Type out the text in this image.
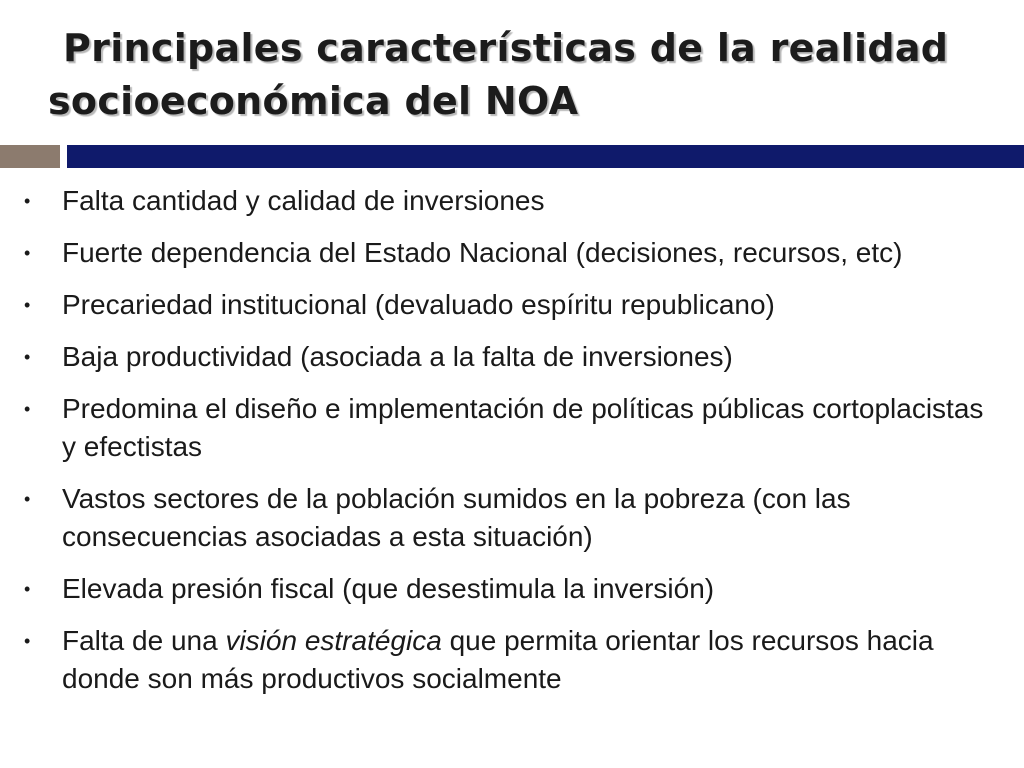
Principales características de la realidad
socioeconómica del NOA
• Falta cantidad y calidad de inversiones
• Fuerte dependencia del Estado Nacional (decisiones, recursos, etc)
• Precariedad institucional (devaluado espíritu republicano)
• Baja productividad (asociada a la falta de inversiones)
• Predomina el diseño e implementación de políticas públicas cortoplacistas y efectistas
• Vastos sectores de la población sumidos en la pobreza (con las consecuencias asociadas a esta situación)
• Elevada presión fiscal (que desestimula la inversión)
• Falta de una visión estratégica que permita orientar los recursos hacia donde son más productivos socialmente
